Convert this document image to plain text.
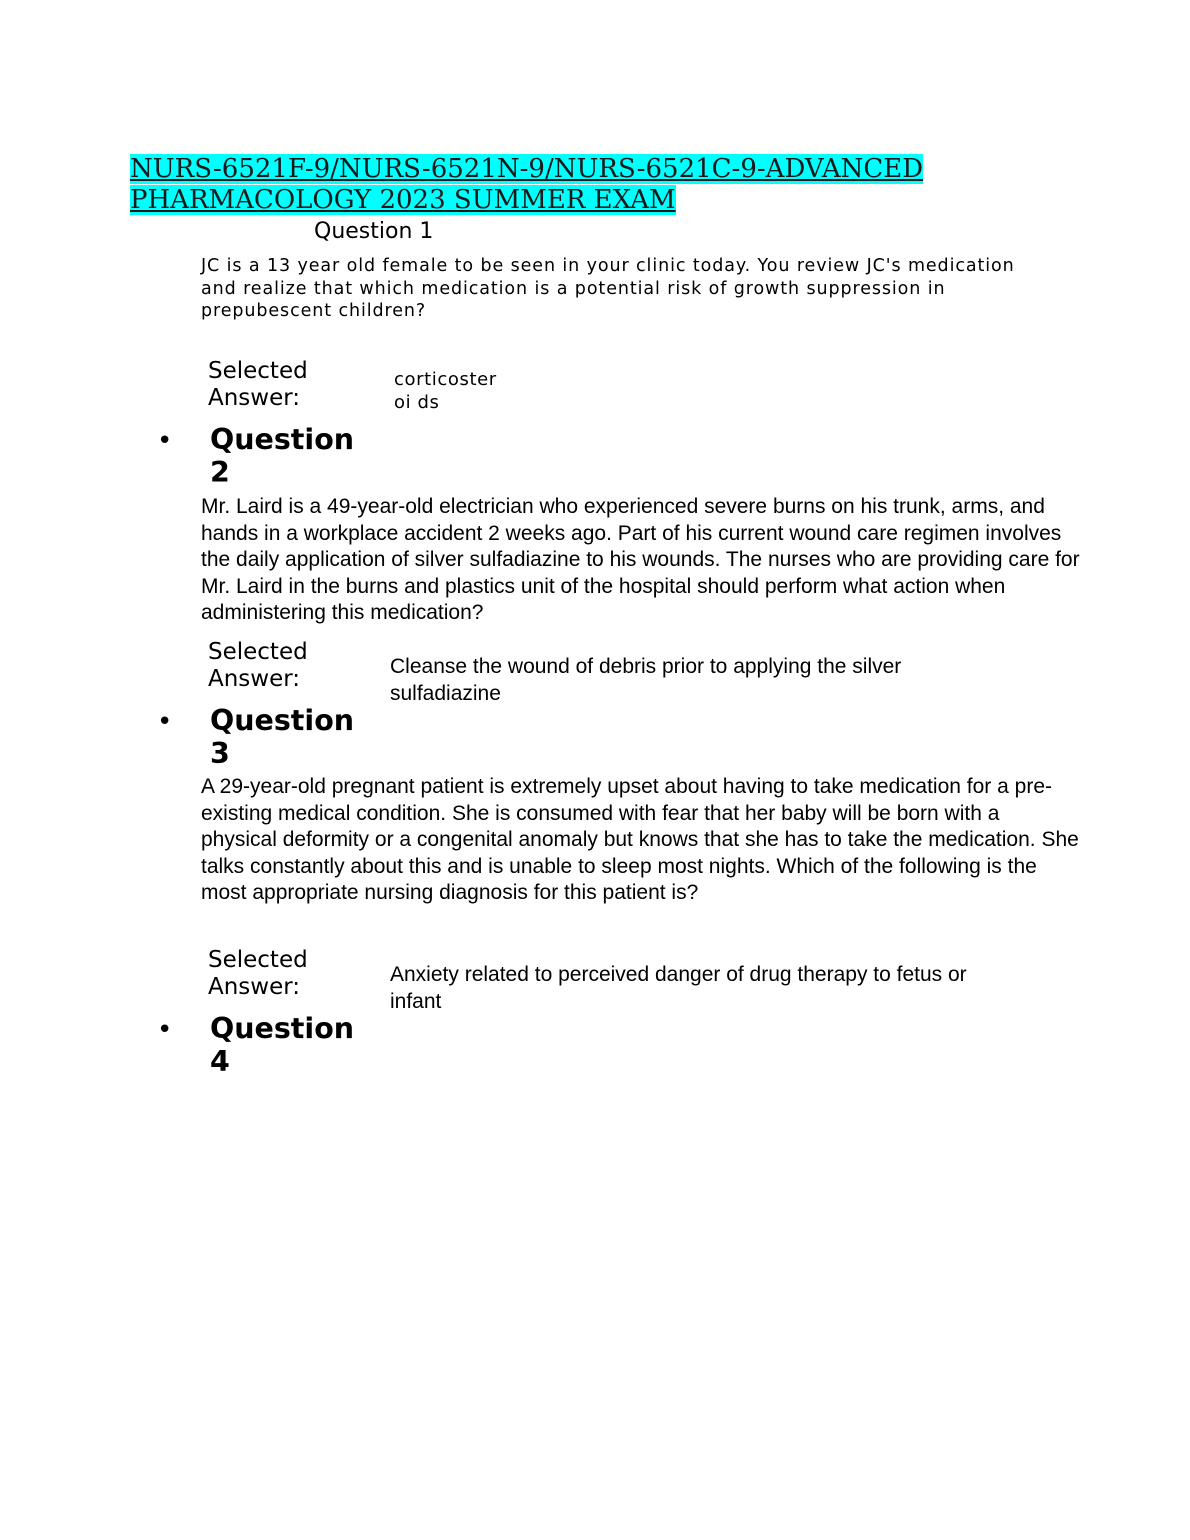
NURS-6521F-9/NURS-6521N-9/NURS-6521C-9-ADVANCED
PHARMACOLOGY 2023 SUMMER EXAM
Question 1
JC is a 13 year old female to be seen in your clinic today. You review JC's medication and realize that which medication is a potential risk of growth suppression in prepubescent children?
Selected Answer:
corticoster
oi ds
• Question
2
Mr. Laird is a 49-year-old electrician who experienced severe burns on his trunk, arms, and hands in a workplace accident 2 weeks ago. Part of his current wound care regimen involves the daily application of silver sulfadiazine to his wounds. The nurses who are providing care for Mr. Laird in the burns and plastics unit of the hospital should perform what action when administering this medication?
Selected Answer:	Cleanse the wound of debris prior to applying the silver sulfadiazine
• Question
3
A 29-year-old pregnant patient is extremely upset about having to take medication for a pre-existing medical condition. She is consumed with fear that her baby will be born with a physical deformity or a congenital anomaly but knows that she has to take the medication. She talks constantly about this and is unable to sleep most nights. Which of the following is the most appropriate nursing diagnosis for this patient is?
Selected Answer:	Anxiety related to perceived danger of drug therapy to fetus or infant
• Question
4
